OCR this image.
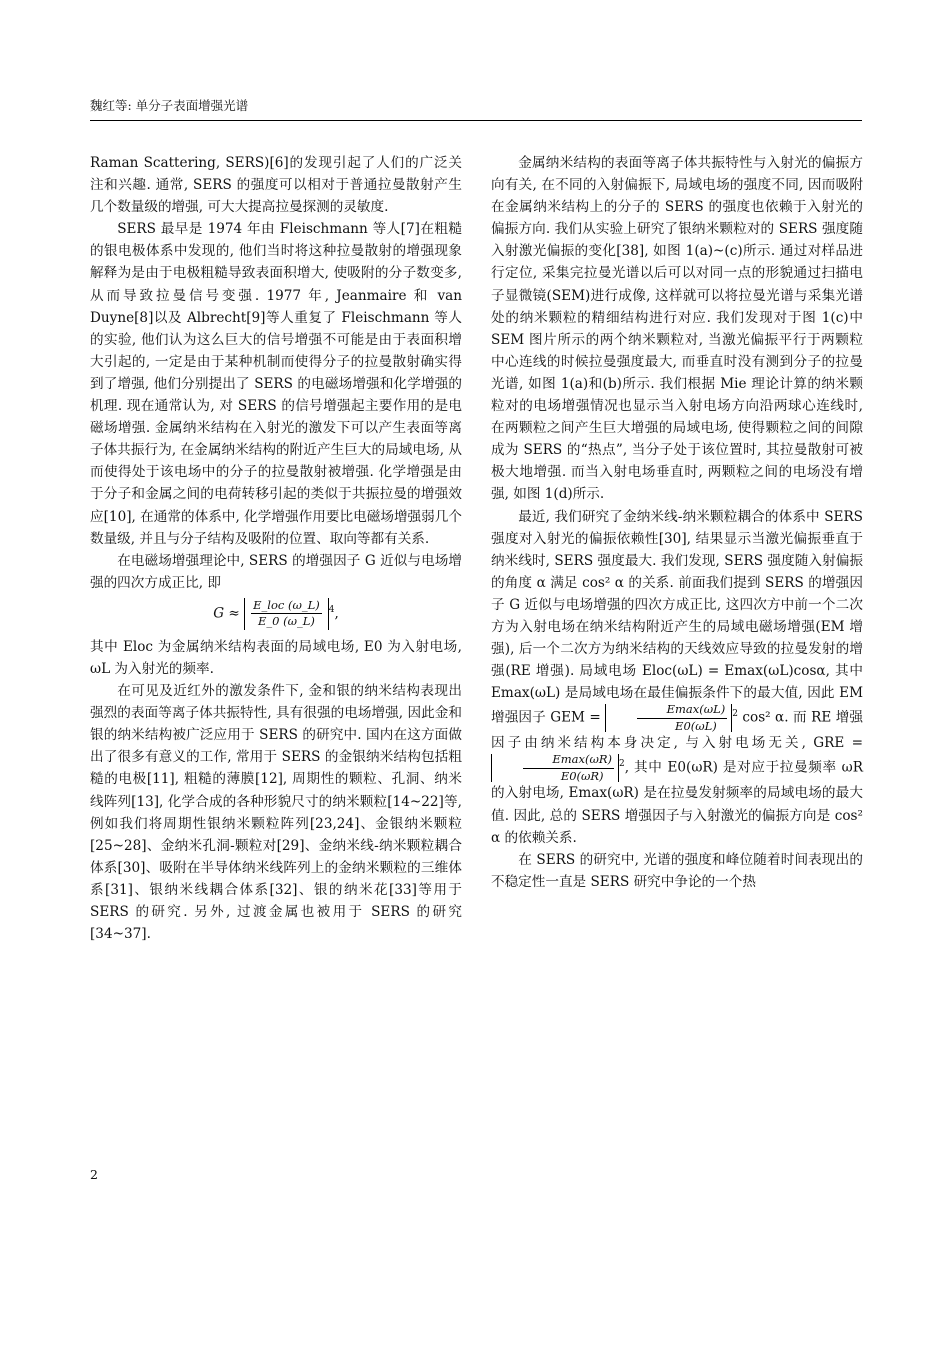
魏红等: 单分子表面增强光谱

Raman Scattering, SERS)[6]的发现引起了人们的广泛关注和兴趣. 通常, SERS 的强度可以相对于普通拉曼散射产生几个数量级的增强, 可大大提高拉曼探测的灵敏度.

SERS 最早是 1974 年由 Fleischmann 等人[7]在粗糙的银电极体系中发现的, 他们当时将这种拉曼散射的增强现象解释为是由于电极粗糙导致表面积增大, 使吸附的分子数变多, 从而导致拉曼信号变强. 1977 年, Jeanmaire 和 van Duyne[8]以及 Albrecht[9]等人重复了 Fleischmann 等人的实验, 他们认为这么巨大的信号增强不可能是由于表面积增大引起的, 一定是由于某种机制而使得分子的拉曼散射确实得到了增强, 他们分别提出了 SERS 的电磁场增强和化学增强的机理. 现在通常认为, 对 SERS 的信号增强起主要作用的是电磁场增强. 金属纳米结构在入射光的激发下可以产生表面等离子体共振行为, 在金属纳米结构的附近产生巨大的局域电场, 从而使得处于该电场中的分子的拉曼散射被增强. 化学增强是由于分子和金属之间的电荷转移引起的类似于共振拉曼的增强效应[10], 在通常的体系中, 化学增强作用要比电磁场增强弱几个数量级, 并且与分子结构及吸附的位置、取向等都有关系.

在电磁场增强理论中, SERS 的增强因子 G 近似与电场增强的四次方成正比, 即

$G \approx \frac{\text{E\_loc (ω\_L)}}{E\_0 (\omega\_L)} ^4$,

其中 Eloc 为金属纳米结构表面的局域电场, E0 为入射电场, ωL 为入射光的频率.

在可见及近红外的激发条件下, 金和银的纳米结构表现出强烈的表面等离子体共振特性, 具有很强的电场增强, 因此金和银的纳米结构被广泛应用于 SERS 的研究中. 国内在这方面做出了很多有意义的工作, 常用于 SERS 的金银纳米结构包括粗糙的电极[11], 粗糙的薄膜[12], 周期性的颗粒、孔洞、纳米线阵列[13], 化学合成的各种形貌尺寸的纳米颗粒[14~22]等, 例如我们将周期性银纳米颗粒阵列[23,24]、金银纳米颗粒[25~28]、金纳米孔洞-颗粒对[29]、金纳米线-纳米颗粒耦合体系[30]、吸附在半导体纳米线阵列上的金纳米颗粒的三维体系[31]、银纳米线耦合体系[32]、银的纳米花[33]等用于 SERS 的研究. 另外, 过渡金属也被用于 SERS 的研究[34~37].

金属纳米结构的表面等离子体共振特性与入射光的偏振方向有关, 在不同的入射偏振下, 局域电场的强度不同, 因而吸附在金属纳米结构上的分子的 SERS 的强度也依赖于入射光的偏振方向. 我们从实验上研究了银纳米颗粒对的 SERS 强度随入射激光偏振的变化[38], 如图 1(a)~(c)所示. 通过对样品进行定位, 采集完拉曼光谱以后可以对同一点的形貌通过扫描电子显微镜(SEM)进行成像, 这样就可以将拉曼光谱与采集光谱处的纳米颗粒的精细结构进行对应. 我们发现对于图 1(c)中 SEM 图片所示的两个纳米颗粒对, 当激光偏振平行于两颗粒中心连线的时候拉曼强度最大, 而垂直时没有测到分子的拉曼光谱, 如图 1(a)和(b)所示. 我们根据 Mie 理论计算的纳米颗粒对的电场增强情况也显示当入射电场方向沿两球心连线时, 在两颗粒之间产生巨大增强的局域电场, 使得颗粒之间的间隙成为 SERS 的“热点”, 当分子处于该位置时, 其拉曼散射可被极大地增强. 而当入射电场垂直时, 两颗粒之间的电场没有增强, 如图 1(d)所示.

最近, 我们研究了金纳米线-纳米颗粒耦合的体系中 SERS 强度对入射光的偏振依赖性[30], 结果显示当激光偏振垂直于纳米线时, SERS 强度最大. 我们发现, SERS 强度随入射偏振的角度 α 满足 cos² α 的关系. 前面我们提到 SERS 的增强因子 G 近似与电场增强的四次方成正比, 这四次方中前一个二次方为入射电场在纳米结构附近产生的局域电磁场增强(EM 增强), 后一个二次方为纳米结构的天线效应导致的拉曼发射的增强(RE 增强). 局域电场 Eloc(ωL) = Emax(ωL)cosα, 其中 Emax(ωL) 是局域电场在最佳偏振条件下的最大值, 因此 EM 增强因子 GEM =	$\frac{Emax(\omega L)}{E0(\omega L)} ^2$ cos² α. 而 RE 增强因子由纳米结构本身决定, 与入射电场无关, GRE =
$\frac{Emax(\omega R)}{E0(\omega R)} ^2$, 其中 E0(ωR) 是对应于拉曼频率 ωR 的入射电场, Emax(ωR) 是在拉曼发射频率的局域电场的最大值. 因此, 总的 SERS 增强因子与入射激光的偏振方向是 cos² α 的依赖关系.

在 SERS 的研究中, 光谱的强度和峰位随着时间表现出的不稳定性一直是 SERS 研究中争论的一个热

2
